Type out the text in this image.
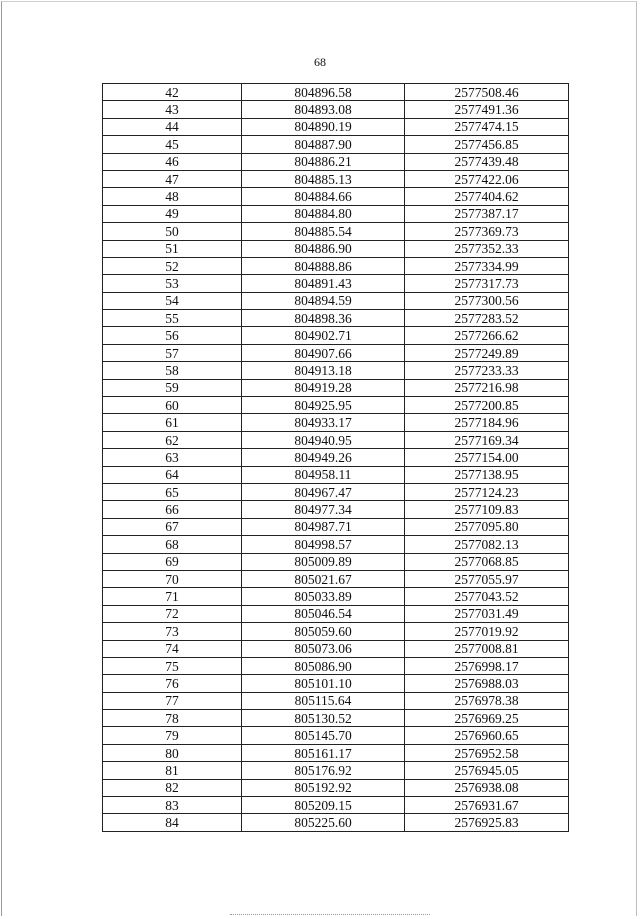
68
42	804896.58	2577508.46
43	804893.08	2577491.36
44	804890.19	2577474.15
45	804887.90	2577456.85
46	804886.21	2577439.48
47	804885.13	2577422.06
48	804884.66	2577404.62
49	804884.80	2577387.17
50	804885.54	2577369.73
51	804886.90	2577352.33
52	804888.86	2577334.99
53	804891.43	2577317.73
54	804894.59	2577300.56
55	804898.36	2577283.52
56	804902.71	2577266.62
57	804907.66	2577249.89
58	804913.18	2577233.33
59	804919.28	2577216.98
60	804925.95	2577200.85
61	804933.17	2577184.96
62	804940.95	2577169.34
63	804949.26	2577154.00
64	804958.11	2577138.95
65	804967.47	2577124.23
66	804977.34	2577109.83
67	804987.71	2577095.80
68	804998.57	2577082.13
69	805009.89	2577068.85
70	805021.67	2577055.97
71	805033.89	2577043.52
72	805046.54	2577031.49
73	805059.60	2577019.92
74	805073.06	2577008.81
75	805086.90	2576998.17
76	805101.10	2576988.03
77	805115.64	2576978.38
78	805130.52	2576969.25
79	805145.70	2576960.65
80	805161.17	2576952.58
81	805176.92	2576945.05
82	805192.92	2576938.08
83	805209.15	2576931.67
84	805225.60	2576925.83
